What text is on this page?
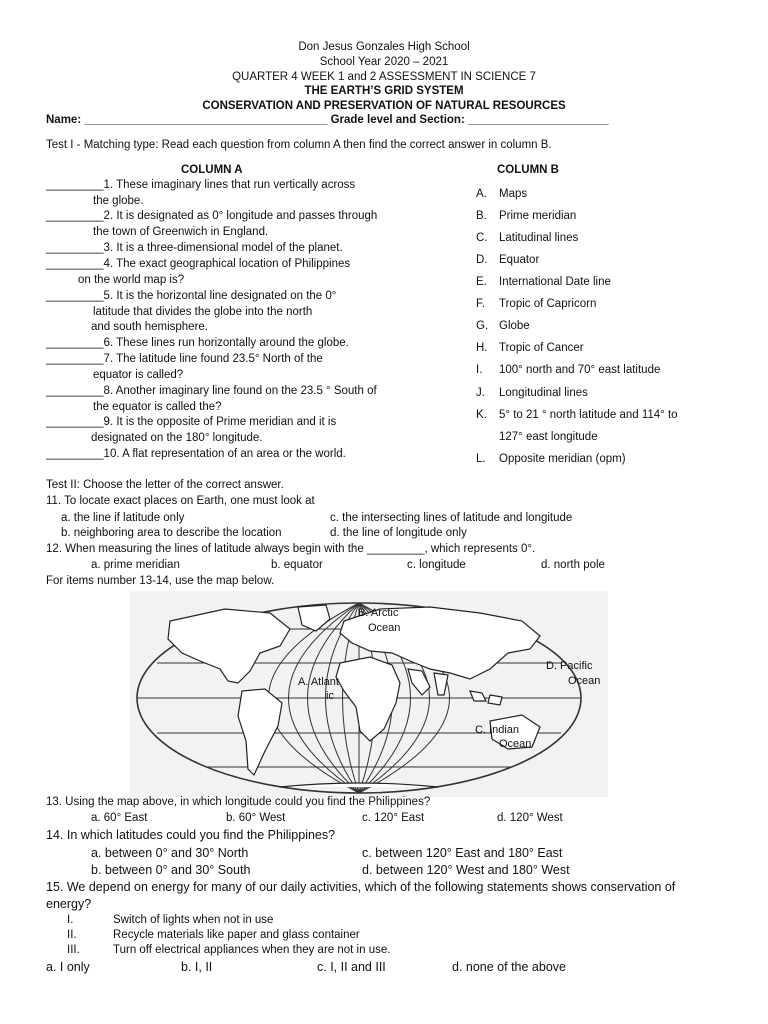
Don Jesus Gonzales High School
School Year 2020 – 2021
QUARTER 4 WEEK 1 and 2 ASSESSMENT IN SCIENCE 7
THE EARTH’S GRID SYSTEM
CONSERVATION AND PRESERVATION OF NATURAL RESOURCES
Name: ______________________________________ Grade level and Section: ______________________
Test I - Matching type: Read each question from column A then find the correct answer in column B.
COLUMN A	COLUMN B
_________1. These imaginary lines that run vertically across
the globe.
_________2. It is designated as 0° longitude and passes through
the town of Greenwich in England.
_________3. It is a three-dimensional model of the planet.
_________4. The exact geographical location of Philippines
on the world map is?
_________5. It is the horizontal line designated on the 0°
latitude that divides the globe into the north
and south hemisphere.
_________6. These lines run horizontally around the globe.
_________7. The latitude line found 23.5° North of the
equator is called?
_________8. Another imaginary line found on the 23.5 ° South of
the equator is called the?
_________9. It is the opposite of Prime meridian and it is
designated on the 180° longitude.
_________10. A flat representation of an area or the world.
A. Maps
B. Prime meridian
C. Latitudinal lines
D. Equator
E. International Date line
F. Tropic of Capricorn
G. Globe
H. Tropic of Cancer
I. 100° north and 70° east latitude
J. Longitudinal lines
K. 5° to 21 ° north latitude and 114° to
127° east longitude
L. Opposite meridian (opm)
Test II: Choose the letter of the correct answer.
11. To locate exact places on Earth, one must look at
a. the line if latitude only	c. the intersecting lines of latitude and longitude
b. neighboring area to describe the location	d. the line of longitude only
12. When measuring the lines of latitude always begin with the _________, which represents 0°.
a. prime meridian	b. equator	c. longitude	d. north pole
For items number 13-14, use the map below.
B. Arctic
Ocean
D. Pacific
Ocean
A. Atlant
ic
C. Indian
Ocean
13. Using the map above, in which longitude could you find the Philippines?
a. 60° East	b. 60° West	c. 120° East	d. 120° West
14. In which latitudes could you find the Philippines?
a. between 0° and 30° North	c. between 120° East and 180° East
b. between 0° and 30° South	d. between 120° West and 180° West
15. We depend on energy for many of our daily activities, which of the following statements shows conservation of
energy?
I.	Switch of lights when not in use
II.	Recycle materials like paper and glass container
III.	Turn off electrical appliances when they are not in use.
a. I only	b. I, II	c. I, II and III	d. none of the above
